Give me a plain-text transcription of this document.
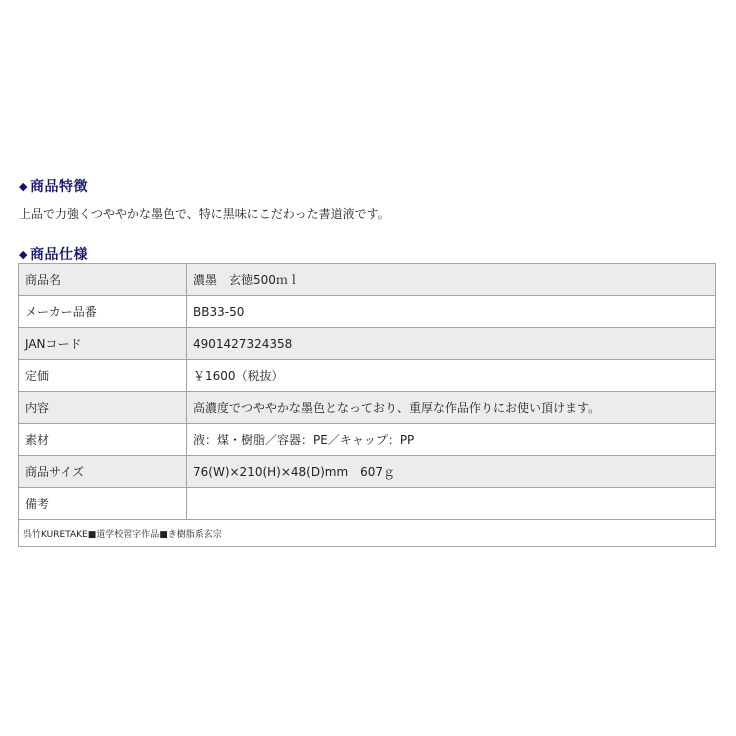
◆ 商品特徴
上品で力強くつややかな墨色で、特に黒味にこだわった書道液です。
◆ 商品仕様
商品名	濃墨　玄徳500ｍｌ
メーカー品番	BB33-50
JANコード	4901427324358
定価	￥1600（税抜）
内容	高濃度でつややかな墨色となっており、重厚な作品作りにお使い頂けます。
素材	液：煤・樹脂／容器：PE／キャップ：PP
商品サイズ	76(W)×210(H)×48(D)mm　607ｇ
備考	
呉竹KURETAKE■道学校習字作品■き樹脂系玄宗	
